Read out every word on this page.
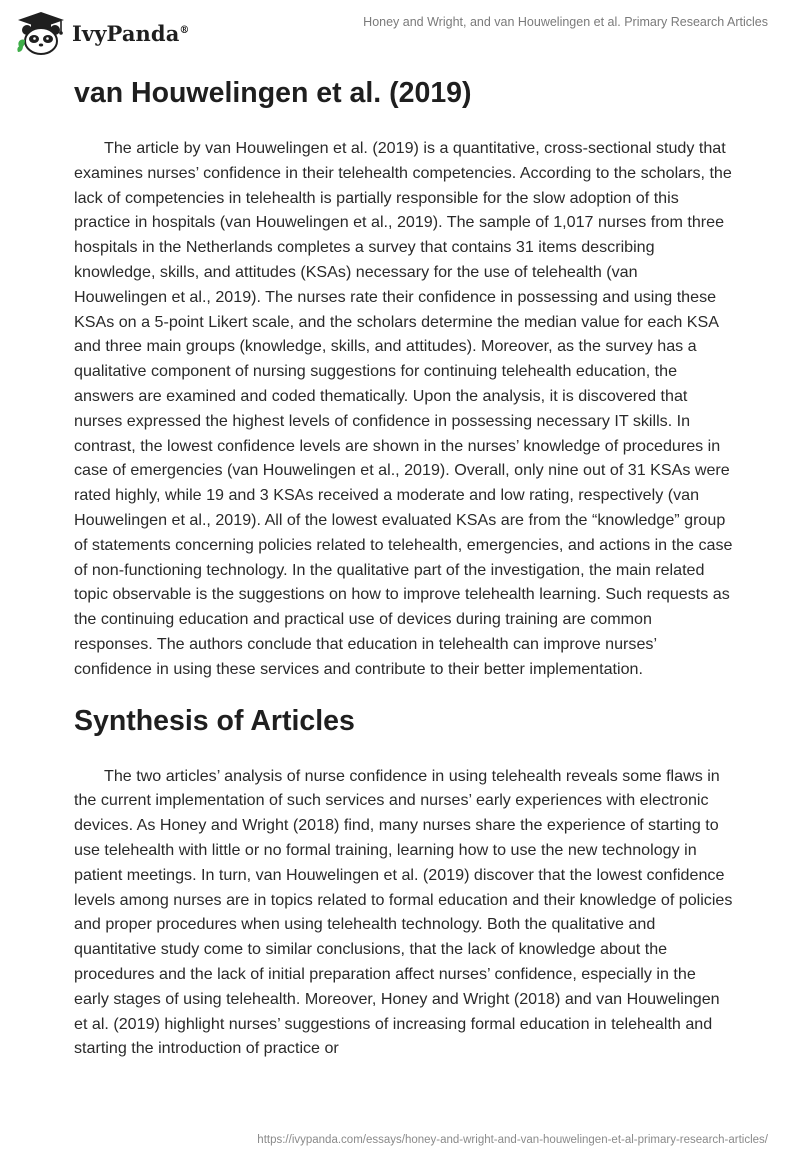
IvyPanda®
Honey and Wright, and van Houwelingen et al. Primary Research Articles
van Houwelingen et al. (2019)

The article by van Houwelingen et al. (2019) is a quantitative, cross-sectional study that examines nurses’ confidence in their telehealth competencies. According to the scholars, the lack of competencies in telehealth is partially responsible for the slow adoption of this practice in hospitals (van Houwelingen et al., 2019). The sample of 1,017 nurses from three hospitals in the Netherlands completes a survey that contains 31 items describing knowledge, skills, and attitudes (KSAs) necessary for the use of telehealth (van Houwelingen et al., 2019). The nurses rate their confidence in possessing and using these KSAs on a 5-point Likert scale, and the scholars determine the median value for each KSA and three main groups (knowledge, skills, and attitudes). Moreover, as the survey has a qualitative component of nursing suggestions for continuing telehealth education, the answers are examined and coded thematically. Upon the analysis, it is discovered that nurses expressed the highest levels of confidence in possessing necessary IT skills. In contrast, the lowest confidence levels are shown in the nurses’ knowledge of procedures in case of emergencies (van Houwelingen et al., 2019). Overall, only nine out of 31 KSAs were rated highly, while 19 and 3 KSAs received a moderate and low rating, respectively (van Houwelingen et al., 2019). All of the lowest evaluated KSAs are from the “knowledge” group of statements concerning policies related to telehealth, emergencies, and actions in the case of non-functioning technology. In the qualitative part of the investigation, the main related topic observable is the suggestions on how to improve telehealth learning. Such requests as the continuing education and practical use of devices during training are common responses. The authors conclude that education in telehealth can improve nurses’ confidence in using these services and contribute to their better implementation.

Synthesis of Articles

The two articles’ analysis of nurse confidence in using telehealth reveals some flaws in the current implementation of such services and nurses’ early experiences with electronic devices. As Honey and Wright (2018) find, many nurses share the experience of starting to use telehealth with little or no formal training, learning how to use the new technology in patient meetings. In turn, van Houwelingen et al. (2019) discover that the lowest confidence levels among nurses are in topics related to formal education and their knowledge of policies and proper procedures when using telehealth technology. Both the qualitative and quantitative study come to similar conclusions, that the lack of knowledge about the procedures and the lack of initial preparation affect nurses’ confidence, especially in the early stages of using telehealth. Moreover, Honey and Wright (2018) and van Houwelingen et al. (2019) highlight nurses’ suggestions of increasing formal education in telehealth and starting the introduction of practice or

https://ivypanda.com/essays/honey-and-wright-and-van-houwelingen-et-al-primary-research-articles/
